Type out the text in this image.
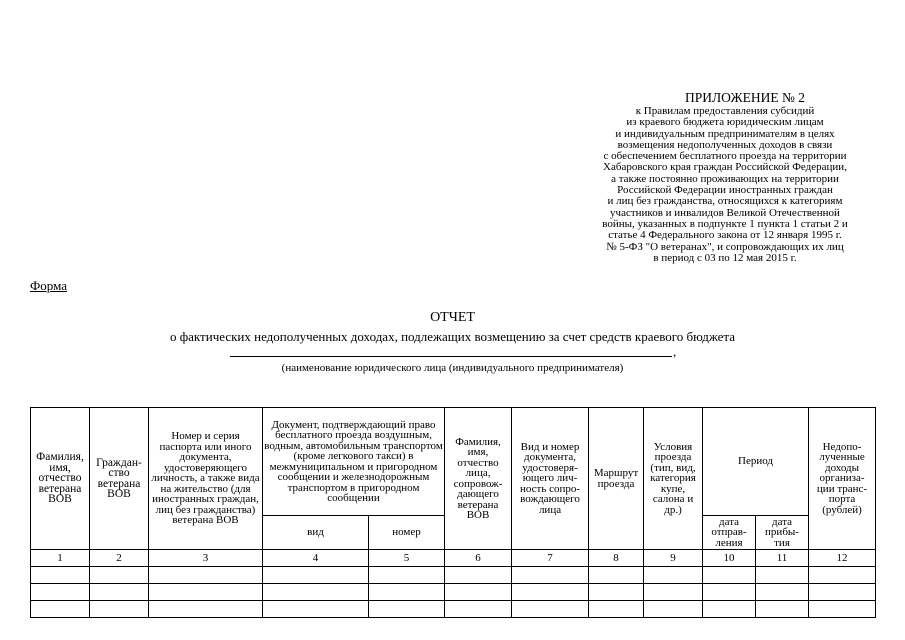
ПРИЛОЖЕНИЕ № 2
к Правилам предоставления субсидий
из краевого бюджета юридическим лицам
и индивидуальным предпринимателям в целях
возмещения недополученных доходов в связи
с обеспечением бесплатного проезда на территории
Хабаровского края граждан Российской Федерации,
а также постоянно проживающих на территории
Российской Федерации иностранных граждан
и лиц без гражданства, относящихся к категориям
участников и инвалидов Великой Отечественной
войны, указанных в подпункте 1 пункта 1 статьи 2 и
статье 4 Федерального закона от 12 января 1995 г.
№ 5-ФЗ "О ветеранах", и сопровождающих их лиц
в период с 03 по 12 мая 2015 г.
Форма
ОТЧЕТ
о фактических недополученных доходах, подлежащих возмещению за счет средств краевого бюджета
,
(наименование юридического лица (индивидуального предпринимателя)
Фамилия, имя, отчество ветерана ВОВ	Граждан- ство ветерана ВОВ	Номер и серия паспорта или иного документа, удостоверяющего личность, а также вида на жительство (для иностранных граждан, лиц без гражданства) ветерана ВОВ	Документ, подтверждающий право бесплатного проезда воздушным, водным, автомобильным транспортом (кроме легкового такси) в межмуниципальном и пригородном сообщении и железнодорожным транспортом в пригородном сообщении		Фамилия, имя, отчество лица, сопровож- дающего ветерана ВОВ	Вид и номер документа, удостоверя- ющего лич- ность сопро- вождающего лица	Маршрут проезда	Условия проезда (тип, вид, категория купе, салона и др.)	Период		Недопо- лученные доходы организа- ции транс- порта (рублей)
			вид	номер					дата отправ- ления	дата прибы- тия	
1	2	3	4	5	6	7	8	9	10	11	12
